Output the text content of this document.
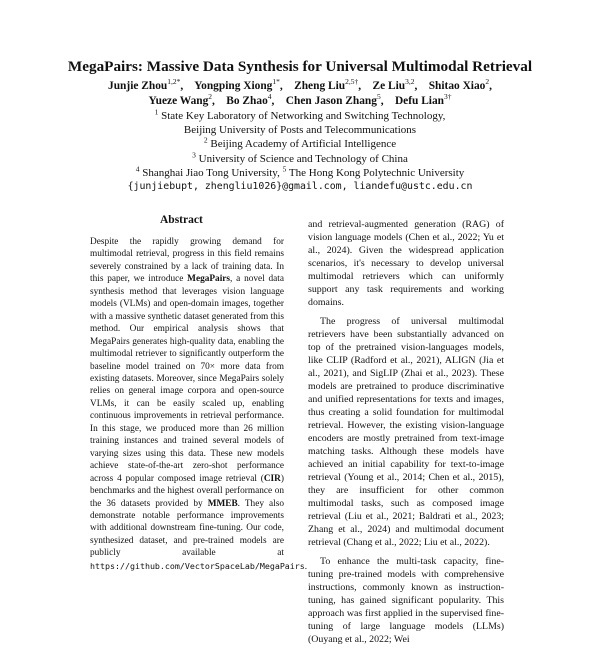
MegaPairs: Massive Data Synthesis for Universal Multimodal Retrieval
Junjie Zhou$^{1,2*}$,    Yongping Xiong$^{1*}$,    Zheng Liu$^{2,5\dagger}$,    Ze Liu$^{3,2}$,    Shitao Xiao$^2$,
Yueze Wang$^2$,    Bo Zhao$^4$,    Chen Jason Zhang$^5$,    Defu Lian$^{3\dagger}$
$^1$ State Key Laboratory of Networking and Switching Technology,
Beijing University of Posts and Telecommunications
$^2$ Beijing Academy of Artificial Intelligence
$^3$ University of Science and Technology of China
$^4$ Shanghai Jiao Tong University, $^5$ The Hong Kong Polytechnic University
{junjiebupt, zhengliu1026}@gmail.com, liandefu@ustc.edu.cn
Abstract

Despite the rapidly growing demand for multimodal retrieval, progress in this field remains severely constrained by a lack of training data. In this paper, we introduce MegaPairs, a novel data synthesis method that leverages vision language models (VLMs) and open-domain images, together with a massive synthetic dataset generated from this method. Our empirical analysis shows that MegaPairs generates high-quality data, enabling the multimodal retriever to significantly outperform the baseline model trained on 70× more data from existing datasets. Moreover, since MegaPairs solely relies on general image corpora and open-source VLMs, it can be easily scaled up, enabling continuous improvements in retrieval performance. In this stage, we produced more than 26 million training instances and trained several models of varying sizes using this data. These new models achieve state-of-the-art zero-shot performance across 4 popular composed image retrieval (CIR) benchmarks and the highest overall performance on the 36 datasets provided by MMEB. They also demonstrate notable performance improvements with additional downstream fine-tuning. Our code, synthesized dataset, and pre-trained models are publicly available at https://github.com/VectorSpaceLab/MegaPairs.

and retrieval-augmented generation (RAG) of vision language models (Chen et al., 2022; Yu et al., 2024). Given the widespread application scenarios, it's necessary to develop universal multimodal retrievers which can uniformly support any task requirements and working domains.

The progress of universal multimodal retrievers have been substantially advanced on top of the pretrained vision-languages models, like CLIP (Radford et al., 2021), ALIGN (Jia et al., 2021), and SigLIP (Zhai et al., 2023). These models are pretrained to produce discriminative and unified representations for texts and images, thus creating a solid foundation for multimodal retrieval. However, the existing vision-language encoders are mostly pretrained from text-image matching tasks. Although these models have achieved an initial capability for text-to-image retrieval (Young et al., 2014; Chen et al., 2015), they are insufficient for other common multimodal tasks, such as composed image retrieval (Liu et al., 2021; Baldrati et al., 2023; Zhang et al., 2024) and multimodal document retrieval (Chang et al., 2022; Liu et al., 2022).

To enhance the multi-task capacity, fine-tuning pre-trained models with comprehensive instructions, commonly known as instruction-tuning, has gained significant popularity. This approach was first applied in the supervised fine-tuning of large language models (LLMs) (Ouyang et al., 2022; Wei
